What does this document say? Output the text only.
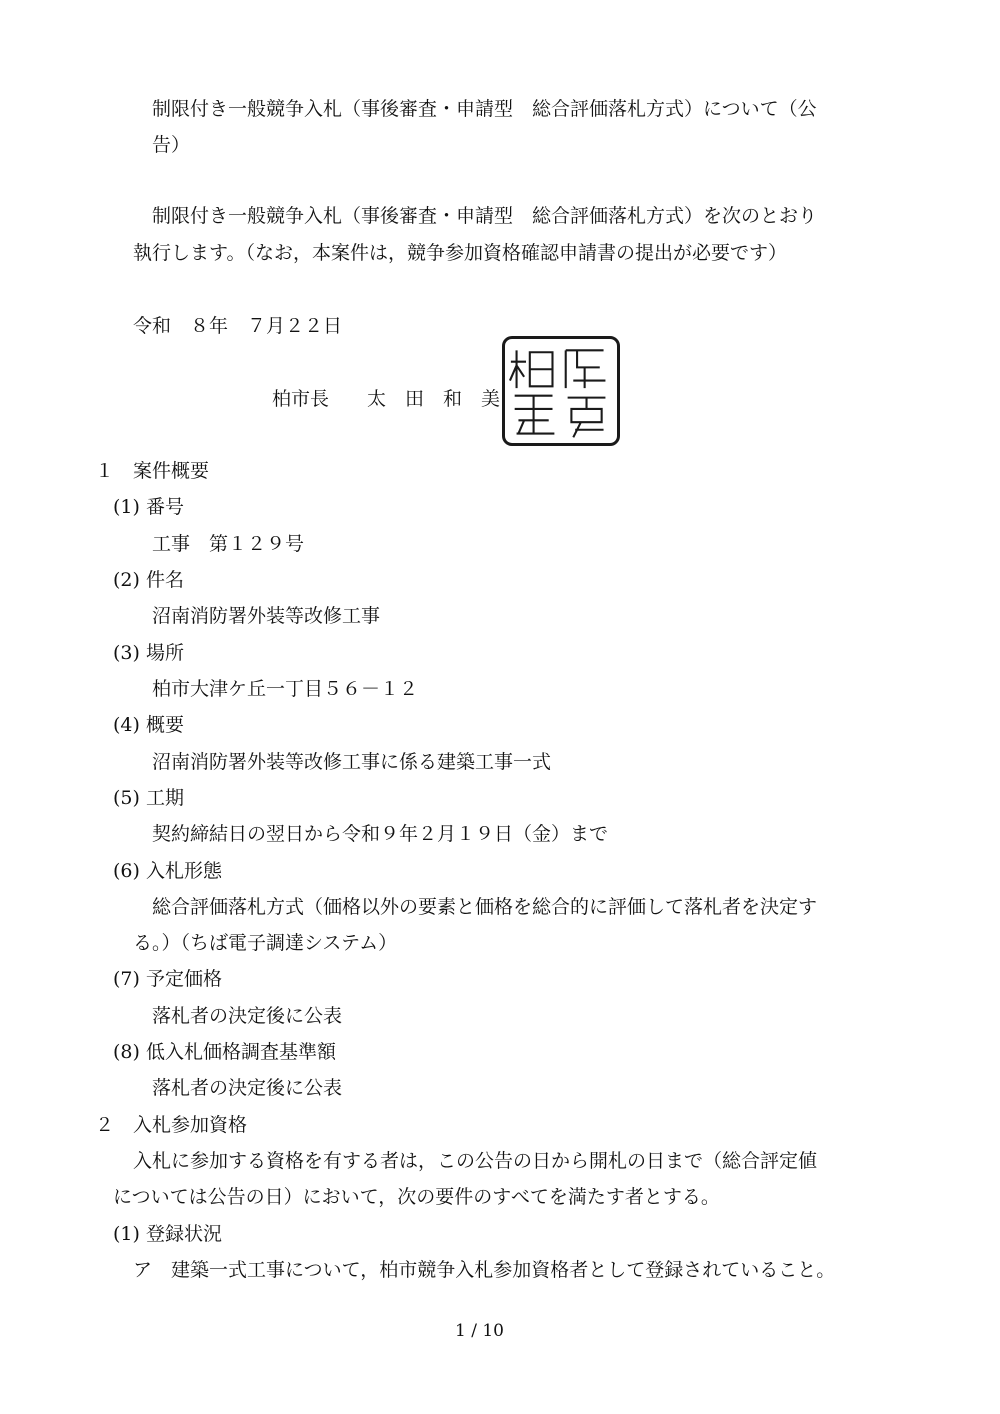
制限付き一般競争入札（事後審査・申請型　総合評価落札方式）について（公
告）
制限付き一般競争入札（事後審査・申請型　総合評価落札方式）を次のとおり
執行します。（なお，本案件は，競争参加資格確認申請書の提出が必要です）
令和　８年　７月２２日
柏市長　　太　田　和　美
１　案件概要
(1) 番号
工事　第１２９号
(2) 件名
沼南消防署外装等改修工事
(3) 場所
柏市大津ケ丘一丁目５６－１２
(4) 概要
沼南消防署外装等改修工事に係る建築工事一式
(5) 工期
契約締結日の翌日から令和９年２月１９日（金）まで
(6) 入札形態
総合評価落札方式（価格以外の要素と価格を総合的に評価して落札者を決定す
る。）（ちば電子調達システム）
(7) 予定価格
落札者の決定後に公表
(8) 低入札価格調査基準額
落札者の決定後に公表
２　入札参加資格
入札に参加する資格を有する者は，この公告の日から開札の日まで（総合評定値
については公告の日）において，次の要件のすべてを満たす者とする。
(1) 登録状況
ア　建築一式工事について，柏市競争入札参加資格者として登録されていること。
1 / 10
